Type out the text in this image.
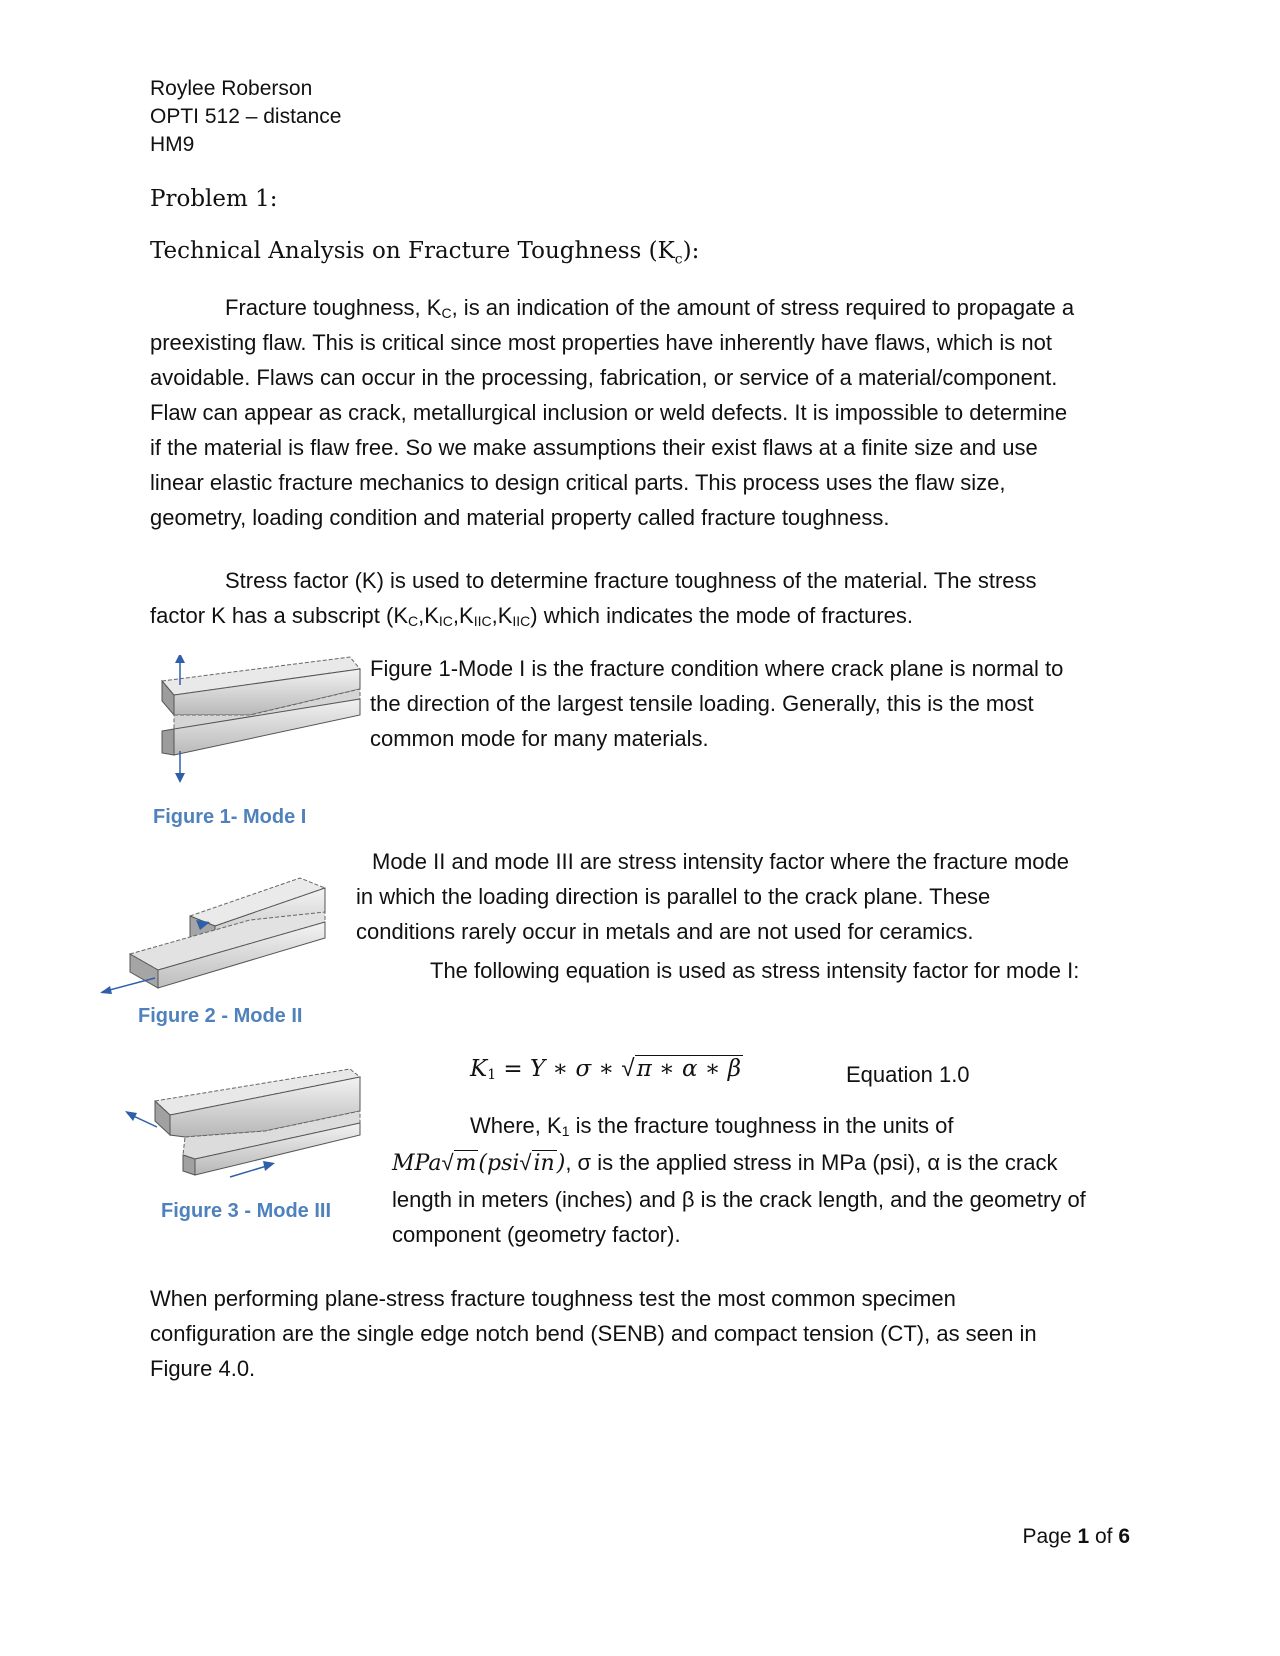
Roylee Roberson
OPTI 512 – distance
HM9
Problem 1:
Technical Analysis on Fracture Toughness $(K_c)$:
Fracture toughness, $K_C$, is an indication of the amount of stress required to propagate a
preexisting flaw. This is critical since most properties have inherently have flaws, which is not
avoidable. Flaws can occur in the processing, fabrication, or service of a material/component.
Flaw can appear as crack, metallurgical inclusion or weld defects. It is impossible to determine
if the material is flaw free. So we make assumptions their exist flaws at a finite size and use
linear elastic fracture mechanics to design critical parts. This process uses the flaw size,
geometry, loading condition and material property called fracture toughness.
Stress factor (K) is used to determine fracture toughness of the material. The stress
factor K has a subscript $(K_C,K_{IC},K_{IIC},K_{IIC})$ which indicates the mode of fractures.
Figure 1-Mode I is the fracture condition where crack plane is normal to
the direction of the largest tensile loading. Generally, this is the most
common mode for many materials.
Figure 1- Mode I
Mode II and mode III are stress intensity factor where the fracture mode
in which the loading direction is parallel to the crack plane. These
conditions rarely occur in metals and are not used for ceramics.
The following equation is used as stress intensity factor for mode I:
Figure 2 - Mode II
$K_1 = Y$ ∗ σ ∗ √π ∗ α ∗ β	Equation 1.0
Where, $K_1$ is the fracture toughness in the units of
MPa√m(psi√in), σ is the applied stress in MPa (psi), α is the crack
length in meters (inches) and β is the crack length, and the geometry of
component (geometry factor).
Figure 3 - Mode III
When performing plane-stress fracture toughness test the most common specimen
configuration are the single edge notch bend (SENB) and compact tension (CT), as seen in
Figure 4.0.
Page 1 of 6
